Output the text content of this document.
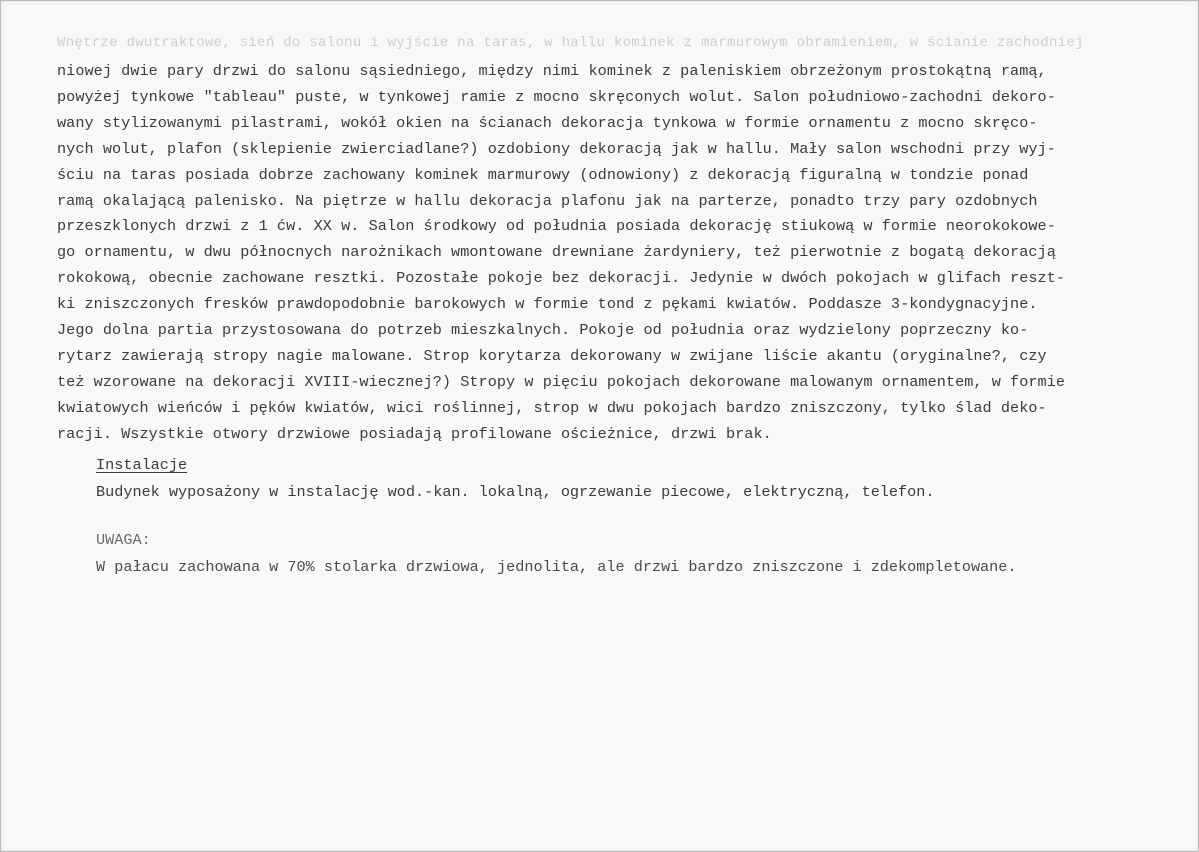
Wnętrze dwutraktowe, sień do salonu i wyjście na taras, w hallu kominek z marmurowym obramieniem, w ścianie zachodniej
niowej dwie pary drzwi do salonu sąsiedniego, między nimi kominek z paleniskiem obrzeżonym prostokątną ramą,
powyżej tynkowe "tableau" puste, w tynkowej ramie z mocno skręconych wolut. Salon południowo-zachodni dekoro-
wany stylizowanymi pilastrami, wokół okien na ścianach dekoracja tynkowa w formie ornamentu z mocno skręco-
nych wolut, plafon (sklepienie zwierciadlane?) ozdobiony dekoracją jak w hallu. Mały salon wschodni przy wyj-
ściu na taras posiada dobrze zachowany kominek marmurowy (odnowiony) z dekoracją figuralną w tondzie ponad
ramą okalającą palenisko. Na piętrze w hallu dekoracja plafonu jak na parterze, ponadto trzy pary ozdobnych
przeszklonych drzwi z 1 ćw. XX w. Salon środkowy od południa posiada dekorację stiukową w formie neorokokowe-
go ornamentu, w dwu północnych narożnikach wmontowane drewniane żardyniery, też pierwotnie z bogatą dekoracją
rokokową, obecnie zachowane resztki. Pozostałe pokoje bez dekoracji. Jedynie w dwóch pokojach w glifach reszt-
ki zniszczonych fresków prawdopodobnie barokowych w formie tond z pękami kwiatów. Poddasze 3-kondygnacyjne.
Jego dolna partia przystosowana do potrzeb mieszkalnych. Pokoje od południa oraz wydzielony poprzeczny ko-
rytarz zawierają stropy nagie malowane. Strop korytarza dekorowany w zwijane liście akantu (oryginalne?, czy
też wzorowane na dekoracji XVIII-wiecznej?) Stropy w pięciu pokojach dekorowane malowanym ornamentem, w formie
kwiatowych wieńców i pęków kwiatów, wici roślinnej, strop w dwu pokojach bardzo zniszczony, tylko ślad deko-
racji. Wszystkie otwory drzwiowe posiadają profilowane ościeżnice, drzwi brak.
Instalacje
Budynek wyposażony w instalację wod.-kan. lokalną, ogrzewanie piecowe, elektryczną, telefon.
UWAGA:
W pałacu zachowana w 70% stolarka drzwiowa, jednolita, ale drzwi bardzo zniszczone i zdekompletowane.
